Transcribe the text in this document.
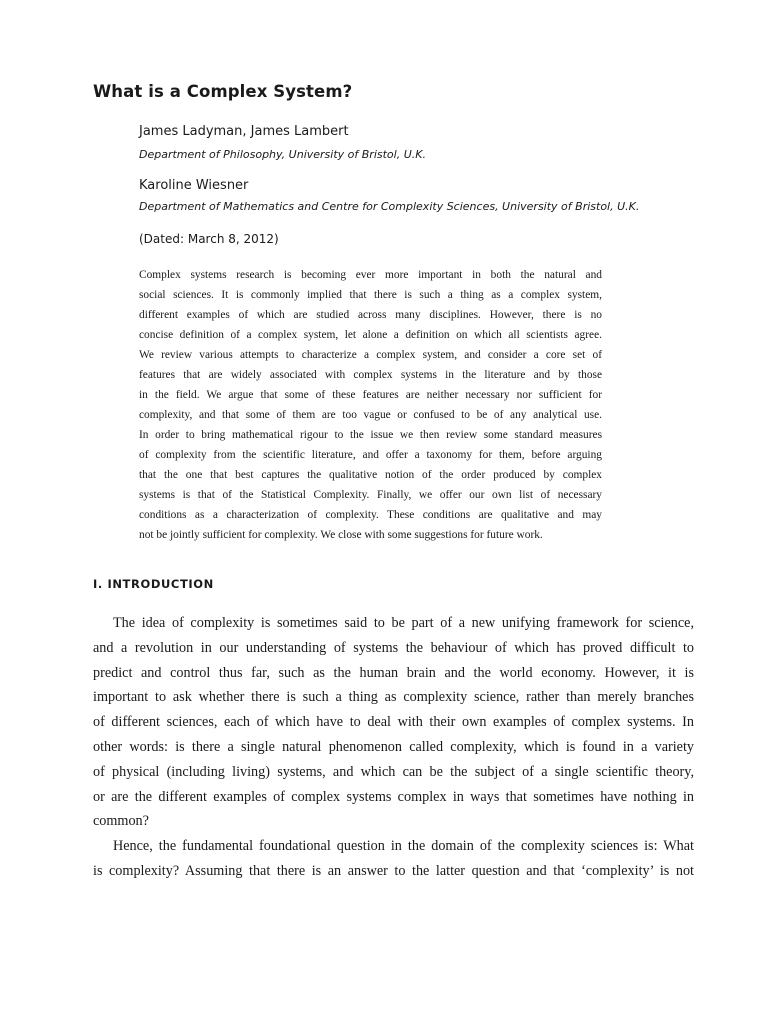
What is a Complex System?
James Ladyman, James Lambert
Department of Philosophy, University of Bristol, U.K.
Karoline Wiesner
Department of Mathematics and Centre for Complexity Sciences, University of Bristol, U.K.
(Dated: March 8, 2012)
Complex systems research is becoming ever more important in both the natural and
social sciences. It is commonly implied that there is such a thing as a complex system,
different examples of which are studied across many disciplines. However, there is no
concise definition of a complex system, let alone a definition on which all scientists agree.
We review various attempts to characterize a complex system, and consider a core set of
features that are widely associated with complex systems in the literature and by those
in the field. We argue that some of these features are neither necessary nor sufficient for
complexity, and that some of them are too vague or confused to be of any analytical use.
In order to bring mathematical rigour to the issue we then review some standard measures
of complexity from the scientific literature, and offer a taxonomy for them, before arguing
that the one that best captures the qualitative notion of the order produced by complex
systems is that of the Statistical Complexity. Finally, we offer our own list of necessary
conditions as a characterization of complexity. These conditions are qualitative and may
not be jointly sufficient for complexity. We close with some suggestions for future work.
I. INTRODUCTION
The idea of complexity is sometimes said to be part of a new unifying framework for science,
and a revolution in our understanding of systems the behaviour of which has proved difficult to
predict and control thus far, such as the human brain and the world economy. However, it is
important to ask whether there is such a thing as complexity science, rather than merely branches
of different sciences, each of which have to deal with their own examples of complex systems. In
other words: is there a single natural phenomenon called complexity, which is found in a variety
of physical (including living) systems, and which can be the subject of a single scientific theory,
or are the different examples of complex systems complex in ways that sometimes have nothing in
common?
Hence, the fundamental foundational question in the domain of the complexity sciences is: What
is complexity? Assuming that there is an answer to the latter question and that ‘complexity’ is not
